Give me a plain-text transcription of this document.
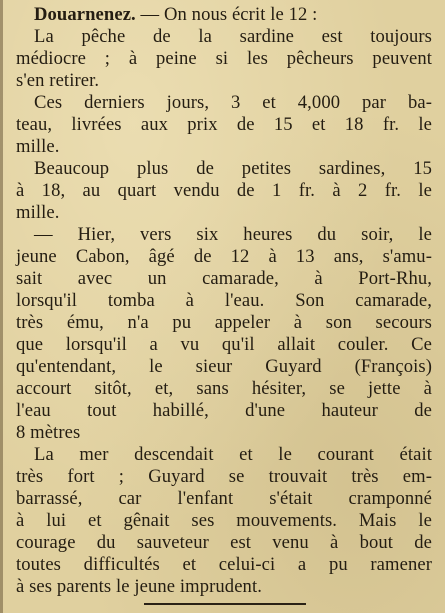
Douarnenez. — On nous écrit le 12 :
La pêche de la sardine est toujours
médiocre ; à peine si les pêcheurs peuvent
s'en retirer.
Ces derniers jours, 3 et 4,000 par ba-
teau, livrées aux prix de 15 et 18 fr. le
mille.
Beaucoup plus de petites sardines, 15
à 18, au quart vendu de 1 fr. à 2 fr. le
mille.
— Hier, vers six heures du soir, le
jeune Cabon, âgé de 12 à 13 ans, s'amu-
sait avec un camarade, à Port-Rhu,
lorsqu'il tomba à l'eau. Son camarade,
très ému, n'a pu appeler à son secours
que lorsqu'il a vu qu'il allait couler. Ce
qu'entendant, le sieur Guyard (François)
accourt sitôt, et, sans hésiter, se jette à
l'eau tout habillé, d'une hauteur de
8 mètres
La mer descendait et le courant était
très fort ; Guyard se trouvait très em-
barrassé, car l'enfant s'était cramponné
à lui et gênait ses mouvements. Mais le
courage du sauveteur est venu à bout de
toutes difficultés et celui-ci a pu ramener
à ses parents le jeune imprudent.
